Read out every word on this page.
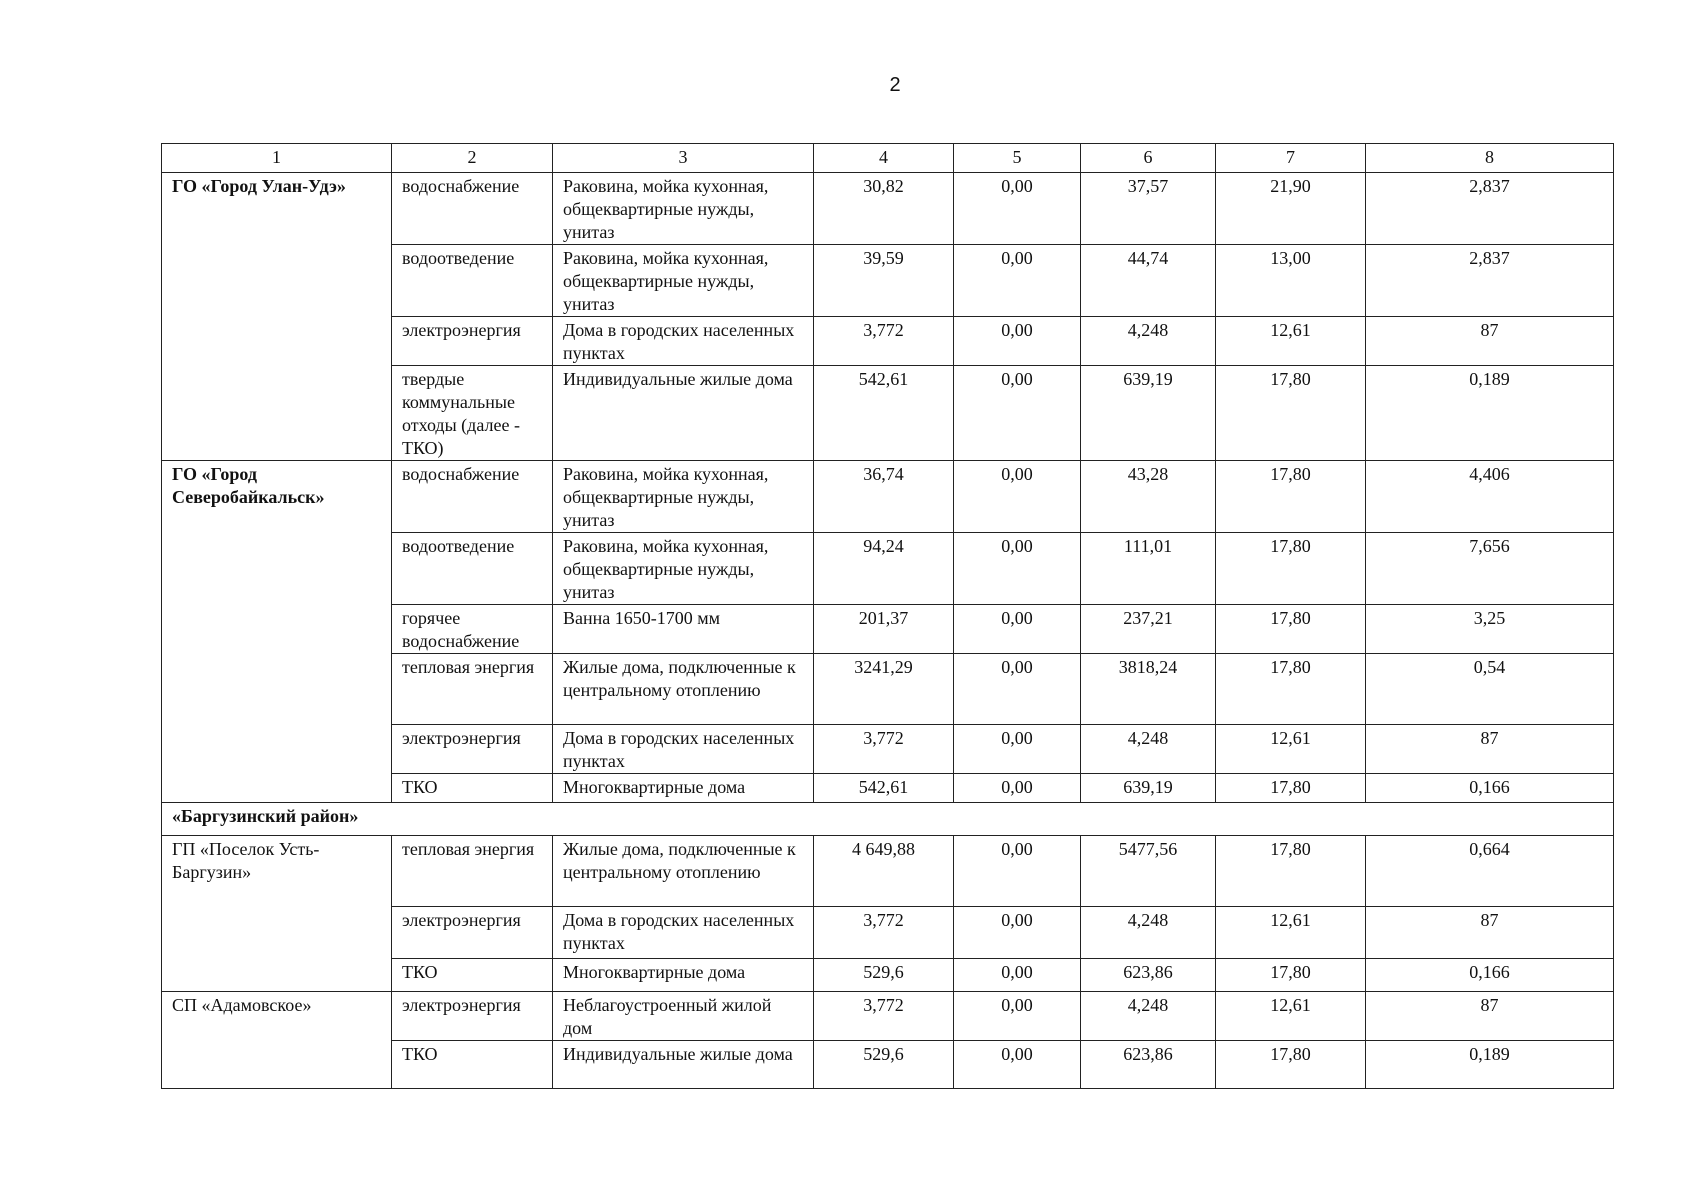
2
1	2	3	4	5	6	7	8
ГО «Город Улан-Удэ»	водоснабжение	Раковина, мойка кухонная, общеквартирные нужды, унитаз	30,82	0,00	37,57	21,90	2,837
	водоотведение	Раковина, мойка кухонная, общеквартирные нужды, унитаз	39,59	0,00	44,74	13,00	2,837
	электроэнергия	Дома в городских населенных пунктах	3,772	0,00	4,248	12,61	87
	твердые коммунальные отходы (далее - ТКО)	Индивидуальные жилые дома	542,61	0,00	639,19	17,80	0,189
ГО «Город Северобайкальск»	водоснабжение	Раковина, мойка кухонная, общеквартирные нужды, унитаз	36,74	0,00	43,28	17,80	4,406
	водоотведение	Раковина, мойка кухонная, общеквартирные нужды, унитаз	94,24	0,00	111,01	17,80	7,656
	горячее водоснабжение	Ванна 1650-1700 мм	201,37	0,00	237,21	17,80	3,25
	тепловая энергия	Жилые дома, подключенные к центральному отоплению	3241,29	0,00	3818,24	17,80	0,54
	электроэнергия	Дома в городских населенных пунктах	3,772	0,00	4,248	12,61	87
	ТКО	Многоквартирные дома	542,61	0,00	639,19	17,80	0,166
«Баргузинский район»							
ГП «Поселок Усть-Баргузин»	тепловая энергия	Жилые дома, подключенные к центральному отоплению	4 649,88	0,00	5477,56	17,80	0,664
	электроэнергия	Дома в городских населенных пунктах	3,772	0,00	4,248	12,61	87
	ТКО	Многоквартирные дома	529,6	0,00	623,86	17,80	0,166
СП «Адамовское»	электроэнергия	Неблагоустроенный жилой дом	3,772	0,00	4,248	12,61	87
	ТКО	Индивидуальные жилые дома	529,6	0,00	623,86	17,80	0,189
